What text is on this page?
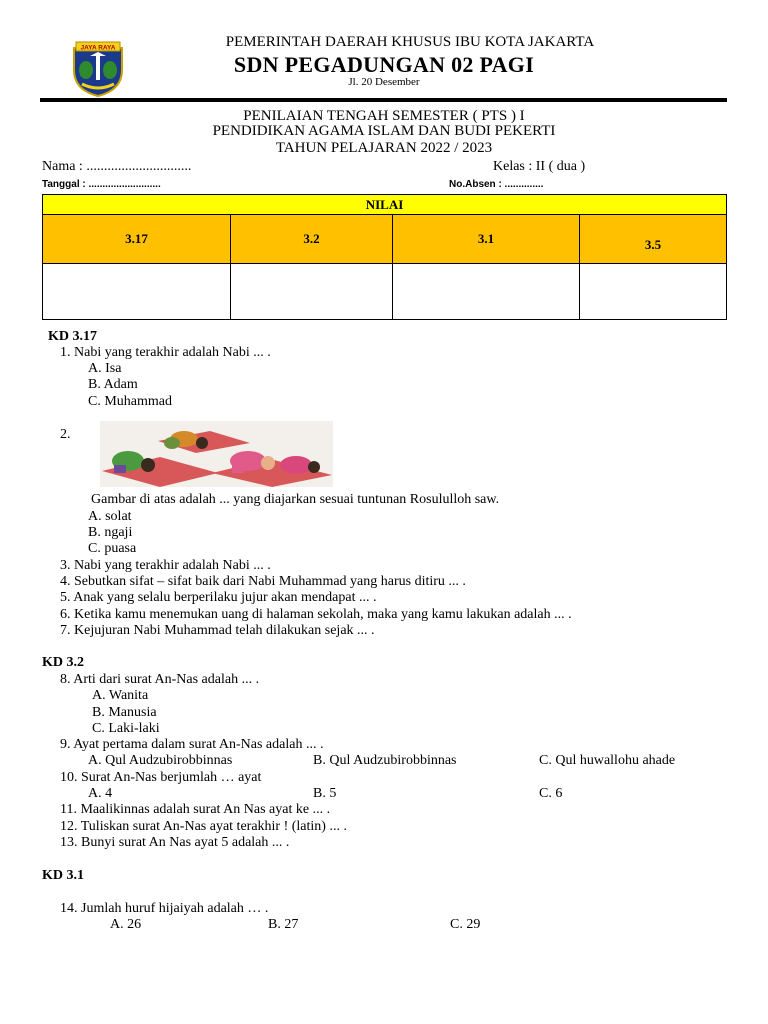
JAYA RAYA	PEMERINTAH DAERAH KHUSUS IBU KOTA JAKARTA
SDN PEGADUNGAN 02 PAGI
Jl. 20 Desember
PENILAIAN TENGAH SEMESTER ( PTS ) I
PENDIDIKAN AGAMA ISLAM DAN BUDI PEKERTI
TAHUN PELAJARAN 2022 / 2023
Nama : ..............................	Kelas : II ( dua )
Tanggal : ..........................	No.Absen : ..............
NILAI			
3.17	3.2	3.1	3.5

KD 3.17
1. Nabi yang terakhir adalah Nabi ... .
A. Isa
B. Adam
C. Muhammad
2.
Gambar di atas adalah ... yang diajarkan sesuai tuntunan Rosululloh saw.
A. solat
B. ngaji
C. puasa
3. Nabi yang terakhir adalah Nabi ... .
4. Sebutkan sifat – sifat baik dari Nabi Muhammad yang harus ditiru ... .
5. Anak yang selalu berperilaku jujur akan mendapat ... .
6. Ketika kamu menemukan uang di halaman sekolah, maka yang kamu lakukan adalah ... .
7. Kejujuran Nabi Muhammad telah dilakukan sejak ... .
KD 3.2
8. Arti dari surat An-Nas adalah ... .
A. Wanita
B. Manusia
C. Laki-laki
9. Ayat pertama dalam surat An-Nas adalah ... .
A. Qul Audzubirobbinnas	B. Qul Audzubirobbinnas	C. Qul huwallohu ahade
10. Surat An-Nas berjumlah … ayat
A. 4	B. 5	C. 6
11. Maalikinnas adalah surat An Nas ayat ke ... .
12. Tuliskan surat An-Nas ayat terakhir ! (latin) ... .
13. Bunyi surat An Nas ayat 5 adalah ... .
KD 3.1
14. Jumlah huruf hijaiyah adalah … .
A. 26	B. 27	C. 29
